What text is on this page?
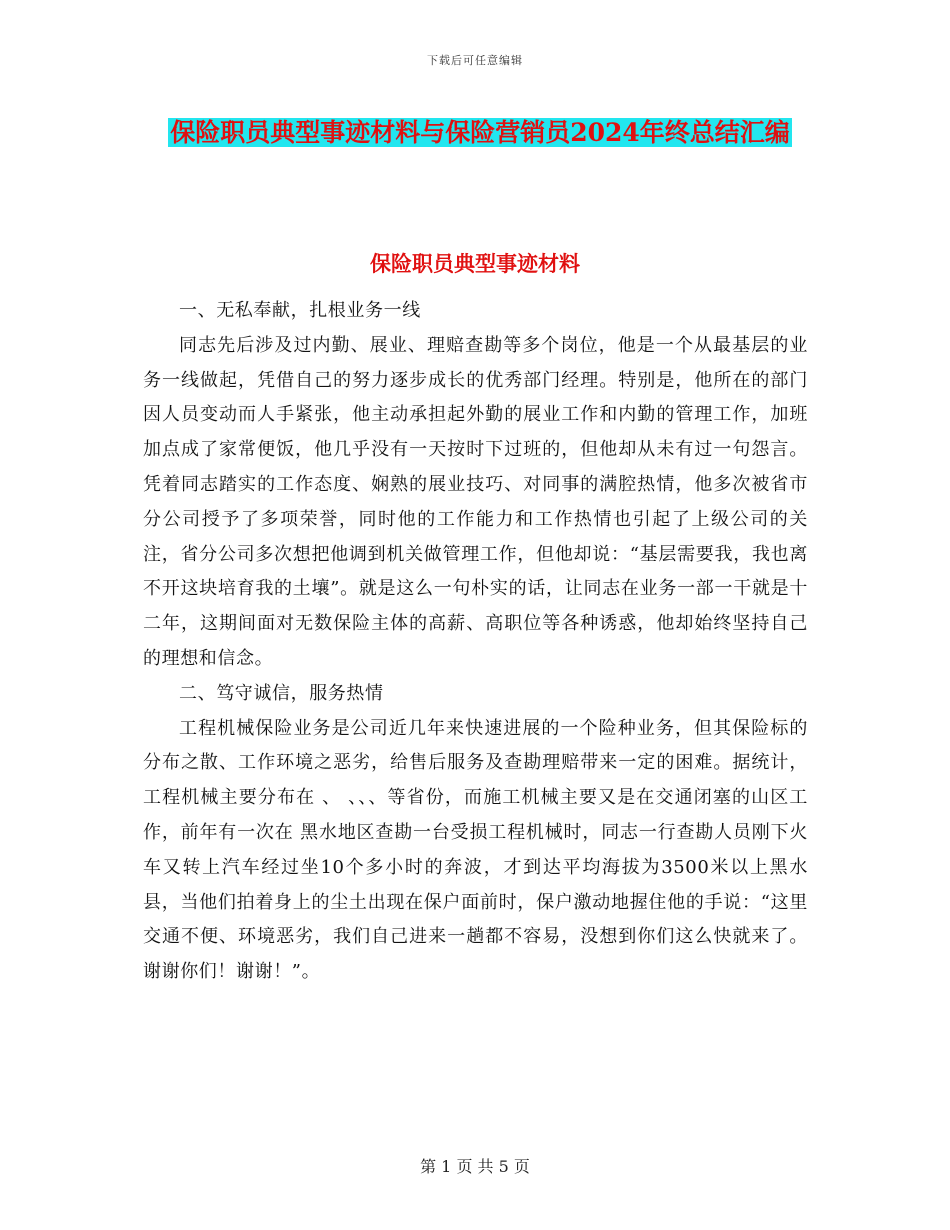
下载后可任意编辑
保险职员典型事迹材料与保险营销员2024年终总结汇编
保险职员典型事迹材料

一、无私奉献，扎根业务一线

同志先后涉及过内勤、展业、理赔查勘等多个岗位，他是一个从最基层的业务一线做起，凭借自己的努力逐步成长的优秀部门经理。特别是，他所在的部门因人员变动而人手紧张，他主动承担起外勤的展业工作和内勤的管理工作，加班加点成了家常便饭，他几乎没有一天按时下过班的，但他却从未有过一句怨言。凭着同志踏实的工作态度、娴熟的展业技巧、对同事的满腔热情，他多次被省市分公司授予了多项荣誉，同时他的工作能力和工作热情也引起了上级公司的关注，省分公司多次想把他调到机关做管理工作，但他却说：“基层需要我，我也离不开这块培育我的土壤”。就是这么一句朴实的话，让同志在业务一部一干就是十二年，这期间面对无数保险主体的高薪、高职位等各种诱惑，他却始终坚持自己的理想和信念。

二、笃守诚信，服务热情

工程机械保险业务是公司近几年来快速进展的一个险种业务，但其保险标的分布之散、工作环境之恶劣，给售后服务及查勘理赔带来一定的困难。据统计，工程机械主要分布在 、 、、、等省份，而施工机械主要又是在交通闭塞的山区工作，前年有一次在 黑水地区查勘一台受损工程机械时，同志一行查勘人员刚下火车又转上汽车经过坐10个多小时的奔波，才到达平均海拔为3500米以上黑水县，当他们拍着身上的尘土出现在保户面前时，保户激动地握住他的手说：“这里交通不便、环境恶劣，我们自己进来一趟都不容易，没想到你们这么快就来了。谢谢你们！谢谢！”。

第 1 页 共 5 页
